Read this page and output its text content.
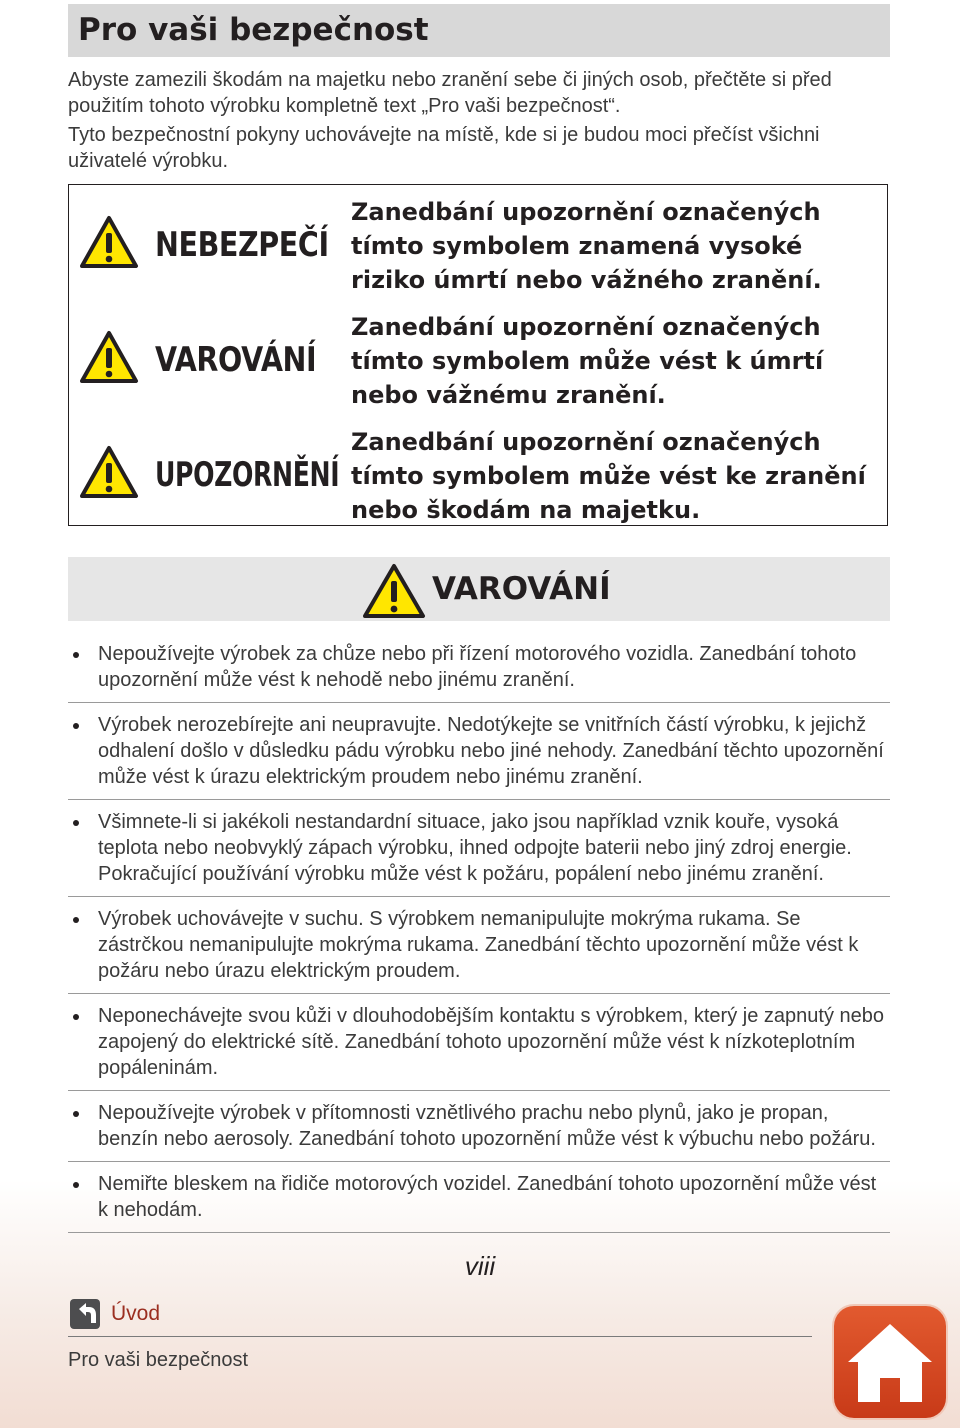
Pro vaši bezpečnost

Abyste zamezili škodám na majetku nebo zranění sebe či jiných osob, přečtěte si před použitím tohoto výrobku kompletně text „Pro vaši bezpečnost“.

Tyto bezpečnostní pokyny uchovávejte na místě, kde si je budou moci přečíst všichni uživatelé výrobku.

NEBEZPEČÍ
Zanedbání upozornění označených tímto symbolem znamená vysoké riziko úmrtí nebo vážného zranění.
VAROVÁNÍ
Zanedbání upozornění označených tímto symbolem může vést k úmrtí nebo vážnému zranění.
UPOZORNĚNÍ
Zanedbání upozornění označených tímto symbolem může vést ke zranění nebo škodám na majetku.
VAROVÁNÍ
Nepoužívejte výrobek za chůze nebo při řízení motorového vozidla. Zanedbání tohoto upozornění může vést k nehodě nebo jinému zranění.
Výrobek nerozebírejte ani neupravujte. Nedotýkejte se vnitřních částí výrobku, k jejichž odhalení došlo v důsledku pádu výrobku nebo jiné nehody. Zanedbání těchto upozornění může vést k úrazu elektrickým proudem nebo jinému zranění.
Všimnete-li si jakékoli nestandardní situace, jako jsou například vznik kouře, vysoká teplota nebo neobvyklý zápach výrobku, ihned odpojte baterii nebo jiný zdroj energie. Pokračující používání výrobku může vést k požáru, popálení nebo jinému zranění.
Výrobek uchovávejte v suchu. S výrobkem nemanipulujte mokrýma rukama. Se zástrčkou nemanipulujte mokrýma rukama. Zanedbání těchto upozornění může vést k požáru nebo úrazu elektrickým proudem.
Neponechávejte svou kůži v dlouhodobějším kontaktu s výrobkem, který je zapnutý nebo zapojený do elektrické sítě. Zanedbání tohoto upozornění může vést k nízkoteplotním popáleninám.
Nepoužívejte výrobek v přítomnosti vznětlivého prachu nebo plynů, jako je propan, benzín nebo aerosoly. Zanedbání tohoto upozornění může vést k výbuchu nebo požáru.
Nemiřte bleskem na řidiče motorových vozidel. Zanedbání tohoto upozornění může vést k nehodám.
viii
Úvod
Pro vaši bezpečnost
